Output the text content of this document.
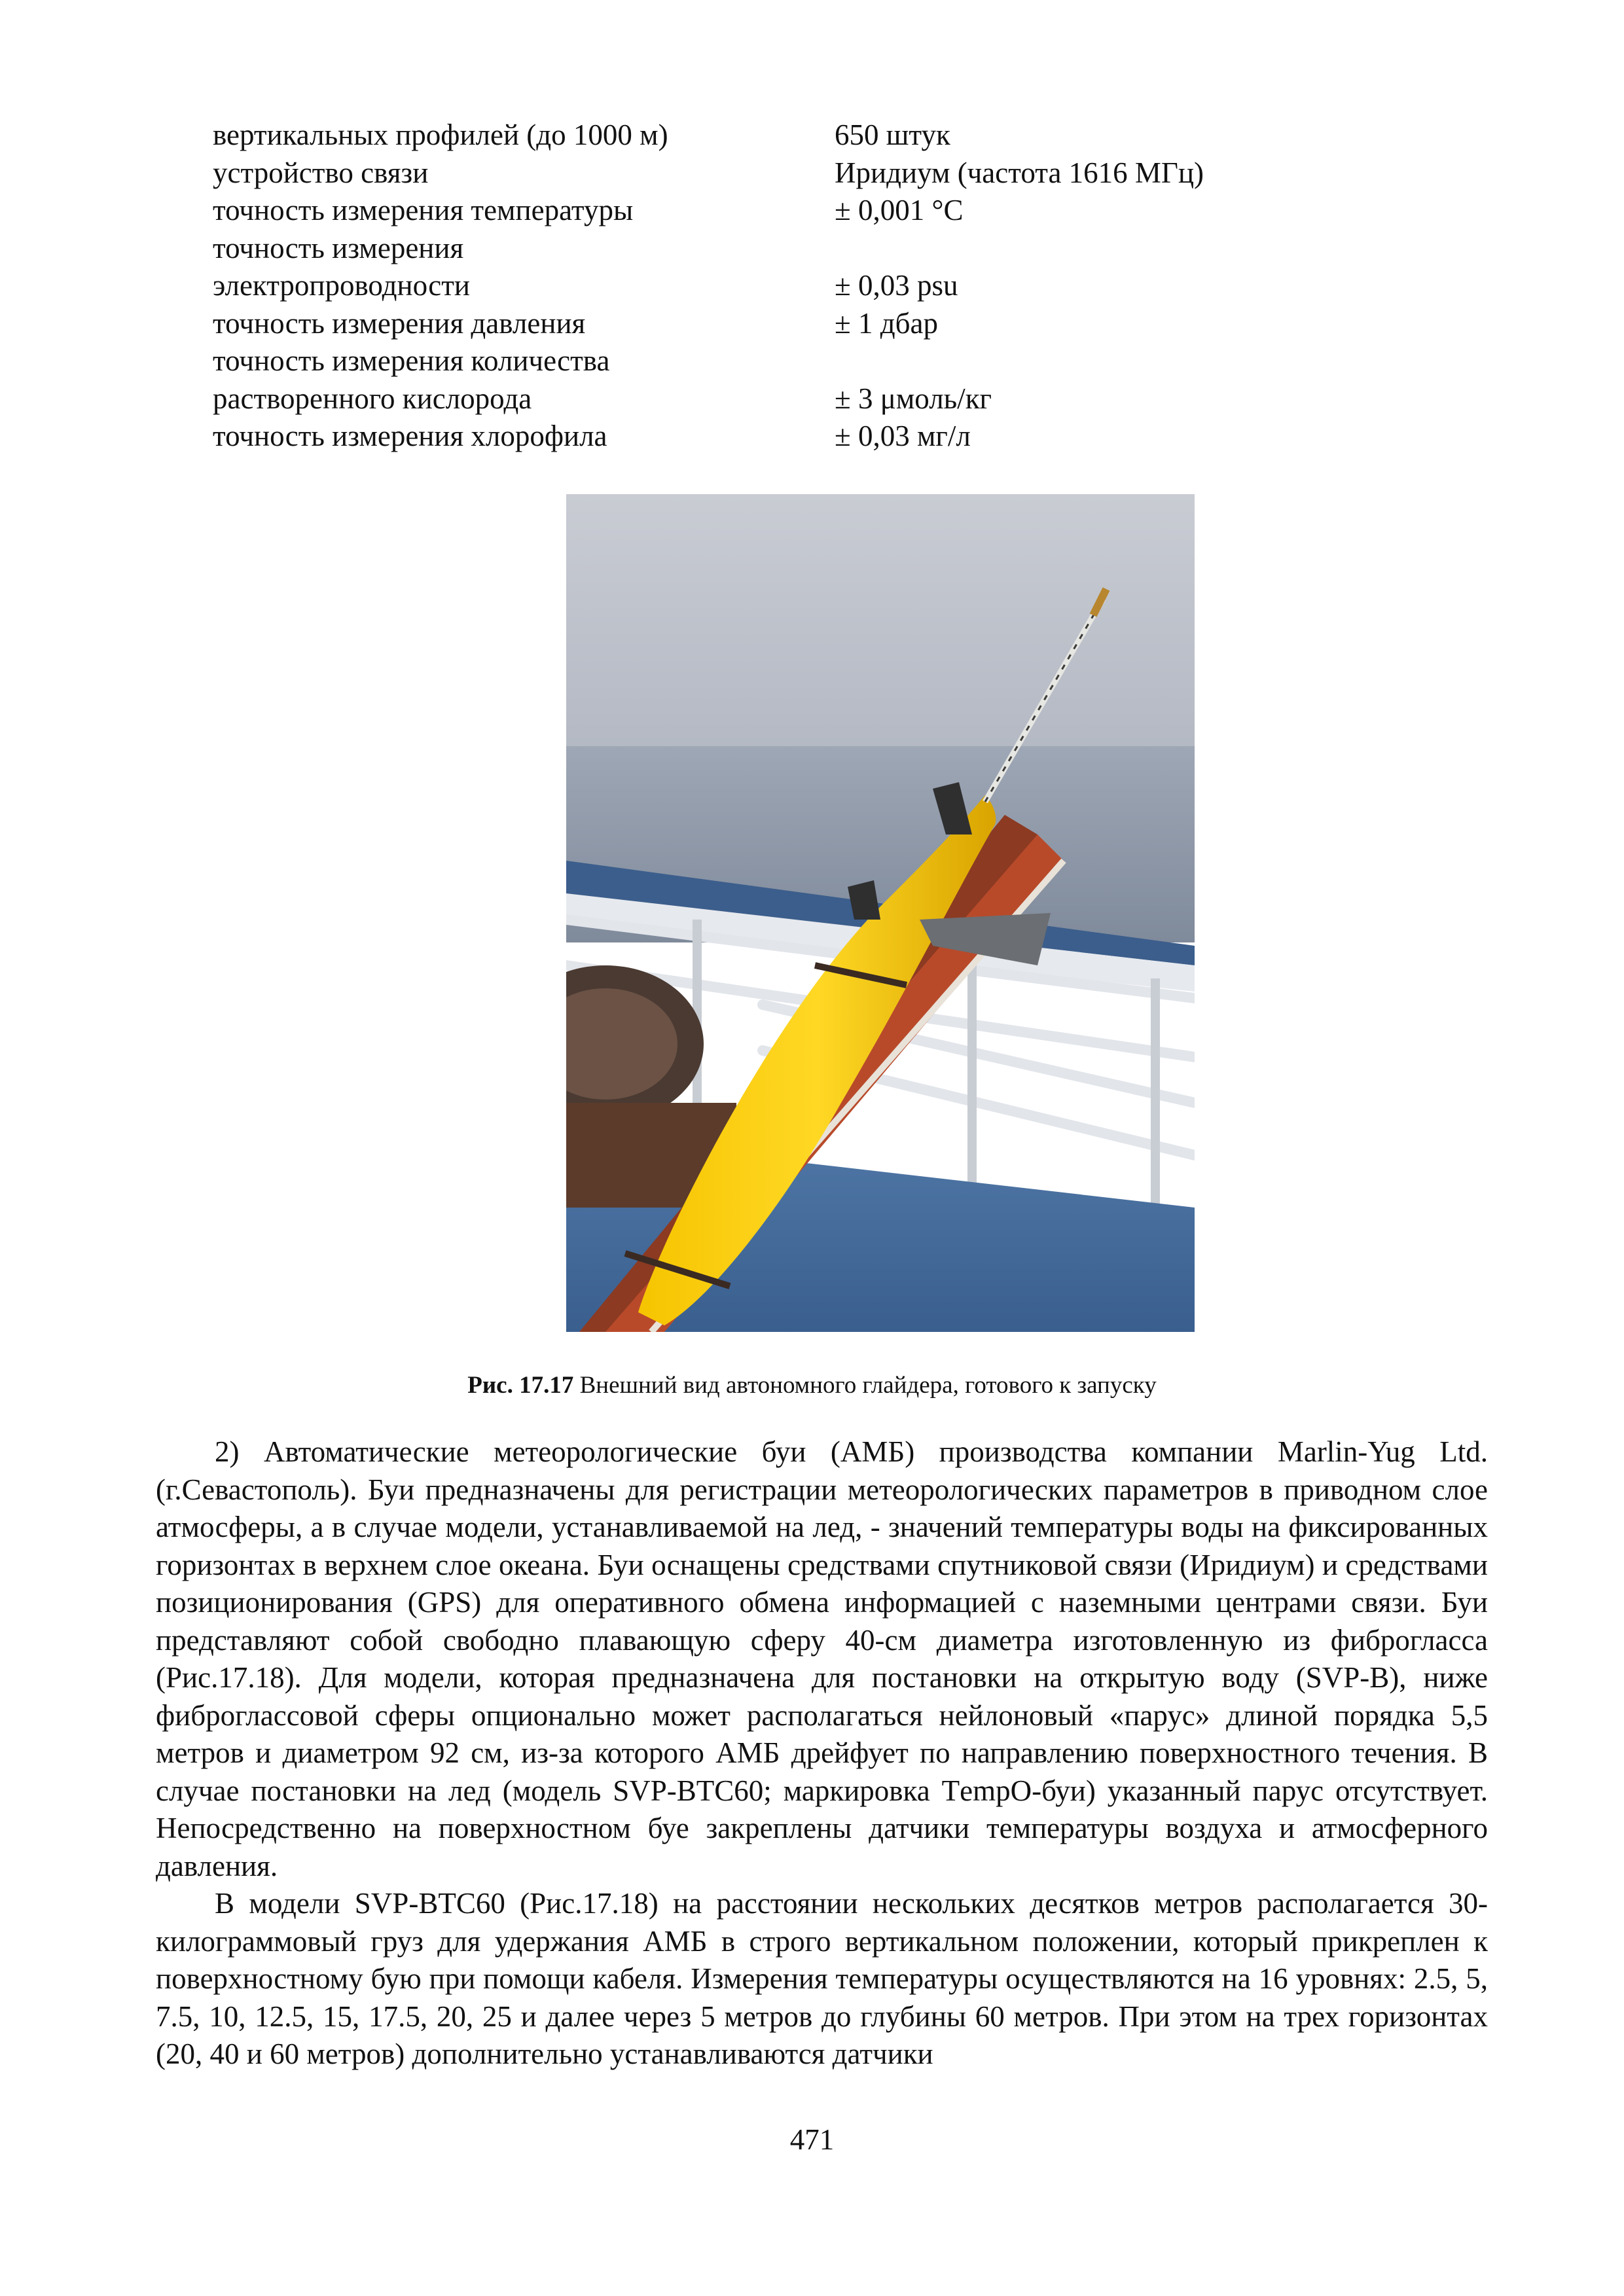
вертикальных профилей (до 1000 м)	650 штук
устройство связи	Иридиум (частота 1616 МГц)
точность измерения температуры	± 0,001 °C
точность измерения
электропроводности	± 0,03 psu
точность измерения давления	± 1 дбар
точность измерения количества
растворенного кислорода	± 3 μмоль/кг
точность измерения хлорофила	± 0,03 мг/л
Рис. 17.17 Внешний вид автономного глайдера, готового к запуску

2) Автоматические метеорологические буи (АМБ) производства компании Marlin-Yug Ltd. (г.Севастополь). Буи предназначены для регистрации метеорологических параметров в приводном слое атмосферы, а в случае модели, устанавливаемой на лед, - значений температуры воды на фиксированных горизонтах в верхнем слое океана. Буи оснащены средствами спутниковой связи (Иридиум) и средствами позиционирования (GPS) для оперативного обмена информацией с наземными центрами связи. Буи представляют собой свободно плавающую сферу 40-см диаметра изготовленную из фиброгласса (Рис.17.18). Для модели, которая предназначена для постановки на открытую воду (SVP-B), ниже фиброглассовой сферы опционально может располагаться нейлоновый «парус» длиной порядка 5,5 метров и диаметром 92 см, из-за которого АМБ дрейфует по направлению поверхностного течения. В случае постановки на лед (модель SVP-BTC60; маркировка ТempO-буи) указанный парус отсутствует. Непосредственно на поверхностном буе закреплены датчики температуры воздуха и атмосферного давления.

В модели SVP-BTC60 (Рис.17.18) на расстоянии нескольких десятков метров располагается 30-килограммовый груз для удержания АМБ в строго вертикальном положении, который прикреплен к поверхностному бую при помощи кабеля. Измерения температуры осуществляются на 16 уровнях: 2.5, 5, 7.5, 10, 12.5, 15, 17.5, 20, 25 и далее через 5 метров до глубины 60 метров. При этом на трех горизонтах (20, 40 и 60 метров) дополнительно устанавливаются датчики

471
